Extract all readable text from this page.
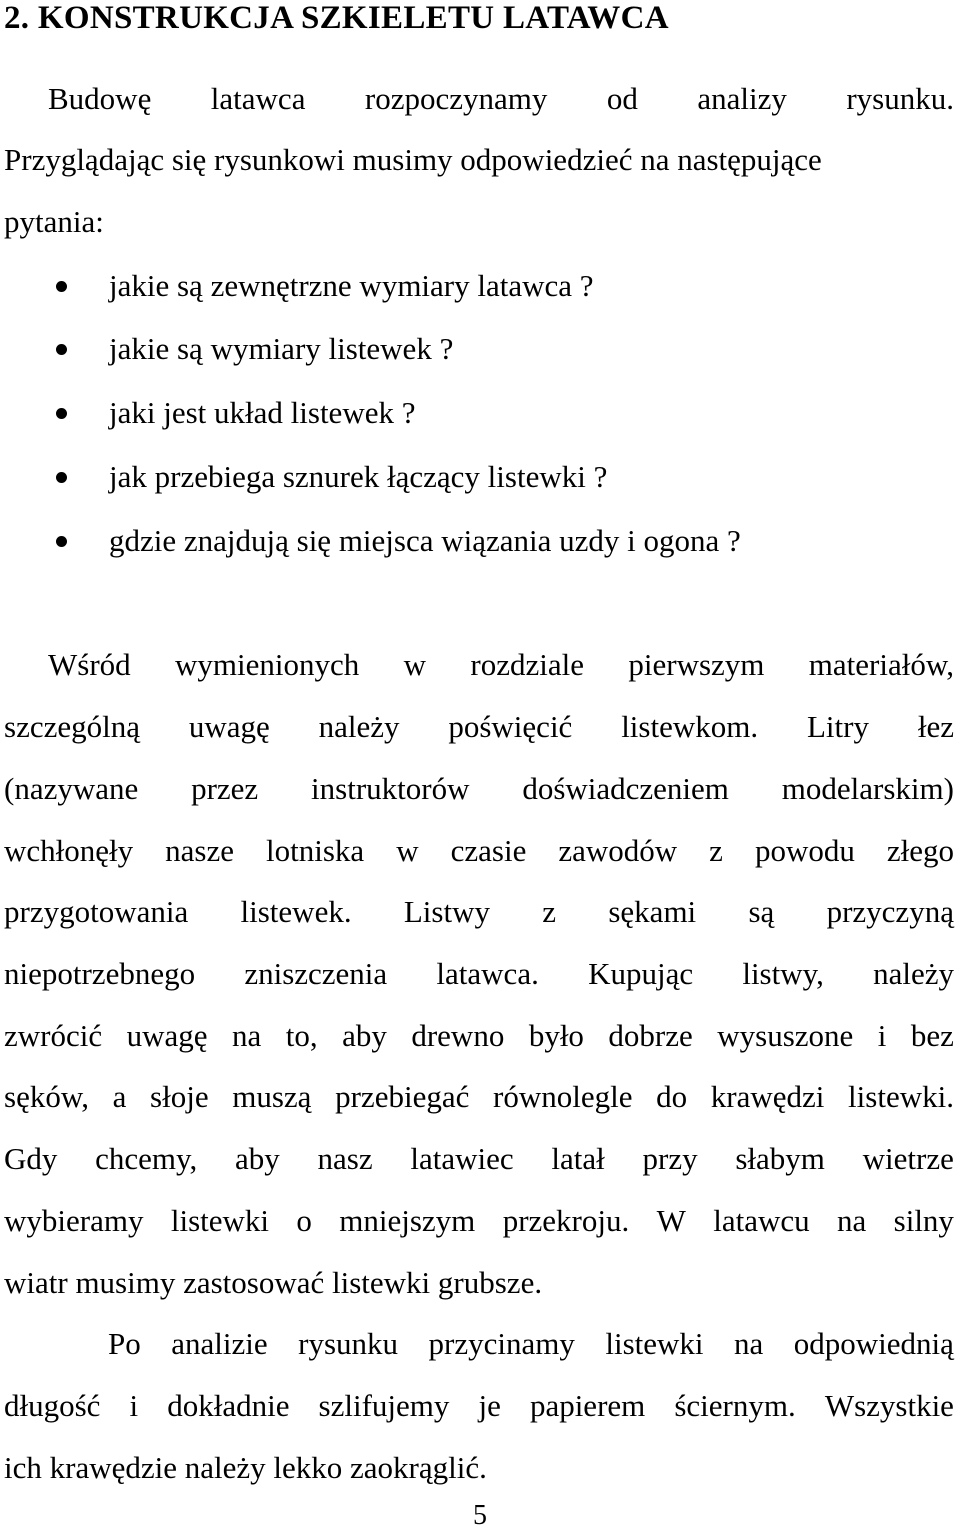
2. KONSTRUKCJA SZKIELETU LATAWCA
Budowę latawca rozpoczynamy od analizy rysunku.
Przyglądając się rysunkowi musimy odpowiedzieć na następujące
pytania:
jakie są zewnętrzne wymiary latawca ?
jakie są wymiary listewek ?
jaki jest układ listewek ?
jak przebiega sznurek łączący listewki ?
gdzie znajdują się miejsca wiązania uzdy i ogona ?
Wśród wymienionych w rozdziale pierwszym materiałów,
szczególną uwagę należy poświęcić listewkom. Litry łez
(nazywane przez instruktorów doświadczeniem modelarskim)
wchłonęły nasze lotniska w czasie zawodów z powodu złego
przygotowania listewek. Listwy z sękami są przyczyną
niepotrzebnego zniszczenia latawca. Kupując listwy, należy
zwrócić uwagę na to, aby drewno było dobrze wysuszone i bez
sęków, a słoje muszą przebiegać równolegle do krawędzi listewki.
Gdy chcemy, aby nasz latawiec latał przy słabym wietrze
wybieramy listewki o mniejszym przekroju. W latawcu na silny
wiatr musimy zastosować listewki grubsze.
Po analizie rysunku przycinamy listewki na odpowiednią
długość i dokładnie szlifujemy je papierem ściernym. Wszystkie
ich krawędzie należy lekko zaokrąglić.
5
